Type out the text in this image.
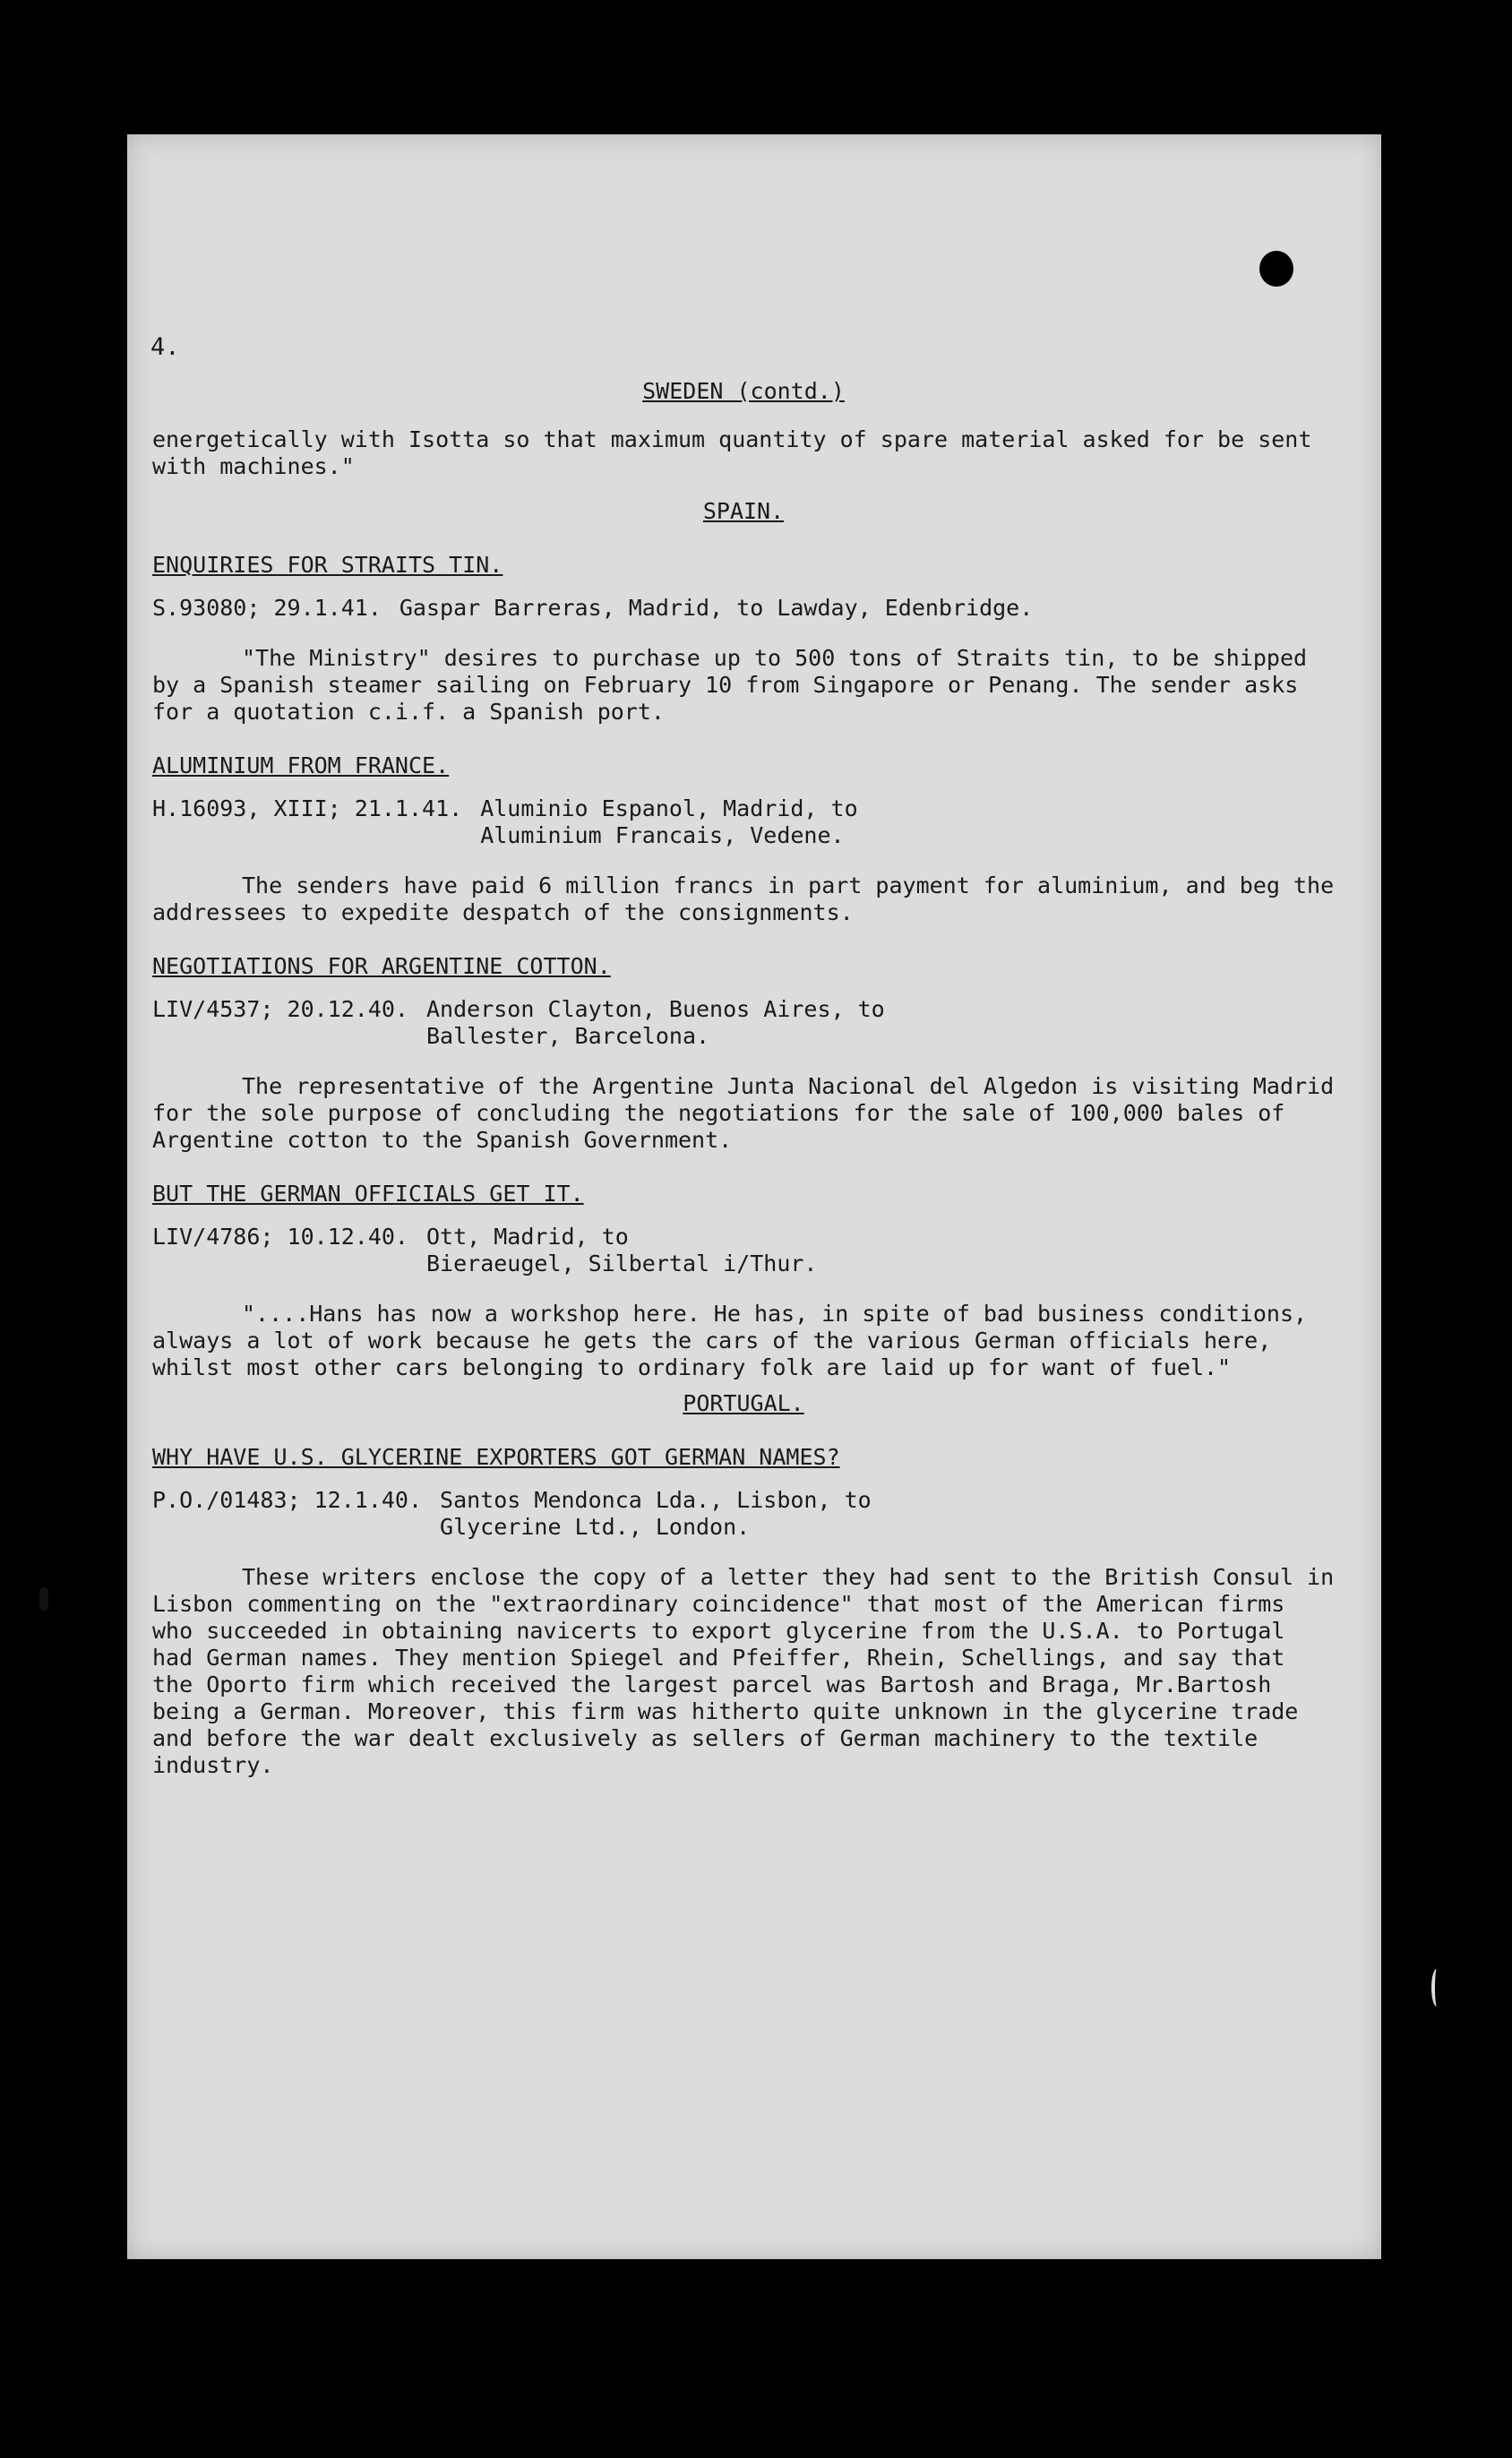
4.
SWEDEN (contd.)

energetically with Isotta so that maximum quantity of spare material asked for be sent with machines."

SPAIN.
ENQUIRIES FOR STRAITS TIN.
S.93080; 29.1.41. Gaspar Barreras, Madrid, to Lawday, Edenbridge.

"The Ministry" desires to purchase up to 500 tons of Straits tin, to be shipped by a Spanish steamer sailing on February 10 from Singapore or Penang. The sender asks for a quotation c.i.f. a Spanish port.

ALUMINIUM FROM FRANCE.
H.16093, XIII; 21.1.41. Aluminio Espanol, Madrid, to
Aluminium Francais, Vedene.

The senders have paid 6 million francs in part payment for aluminium, and beg the addressees to expedite despatch of the consignments.

NEGOTIATIONS FOR ARGENTINE COTTON.
LIV/4537; 20.12.40. Anderson Clayton, Buenos Aires, to
Ballester, Barcelona.

The representative of the Argentine Junta Nacional del Algedon is visiting Madrid for the sole purpose of concluding the negotiations for the sale of 100,000 bales of Argentine cotton to the Spanish Government.

BUT THE GERMAN OFFICIALS GET IT.
LIV/4786; 10.12.40. Ott, Madrid, to
Bieraeugel, Silbertal i/Thur.

"....Hans has now a workshop here. He has, in spite of bad business conditions, always a lot of work because he gets the cars of the various German officials here, whilst most other cars belonging to ordinary folk are laid up for want of fuel."

PORTUGAL.
WHY HAVE U.S. GLYCERINE EXPORTERS GOT GERMAN NAMES?
P.O./01483; 12.1.40. Santos Mendonca Lda., Lisbon, to
Glycerine Ltd., London.

These writers enclose the copy of a letter they had sent to the British Consul in Lisbon commenting on the "extraordinary coincidence" that most of the American firms who succeeded in obtaining navicerts to export glycerine from the U.S.A. to Portugal had German names. They mention Spiegel and Pfeiffer, Rhein, Schellings, and say that the Oporto firm which received the largest parcel was Bartosh and Braga, Mr.Bartosh being a German. Moreover, this firm was hitherto quite unknown in the glycerine trade and before the war dealt exclusively as sellers of German machinery to the textile industry.
